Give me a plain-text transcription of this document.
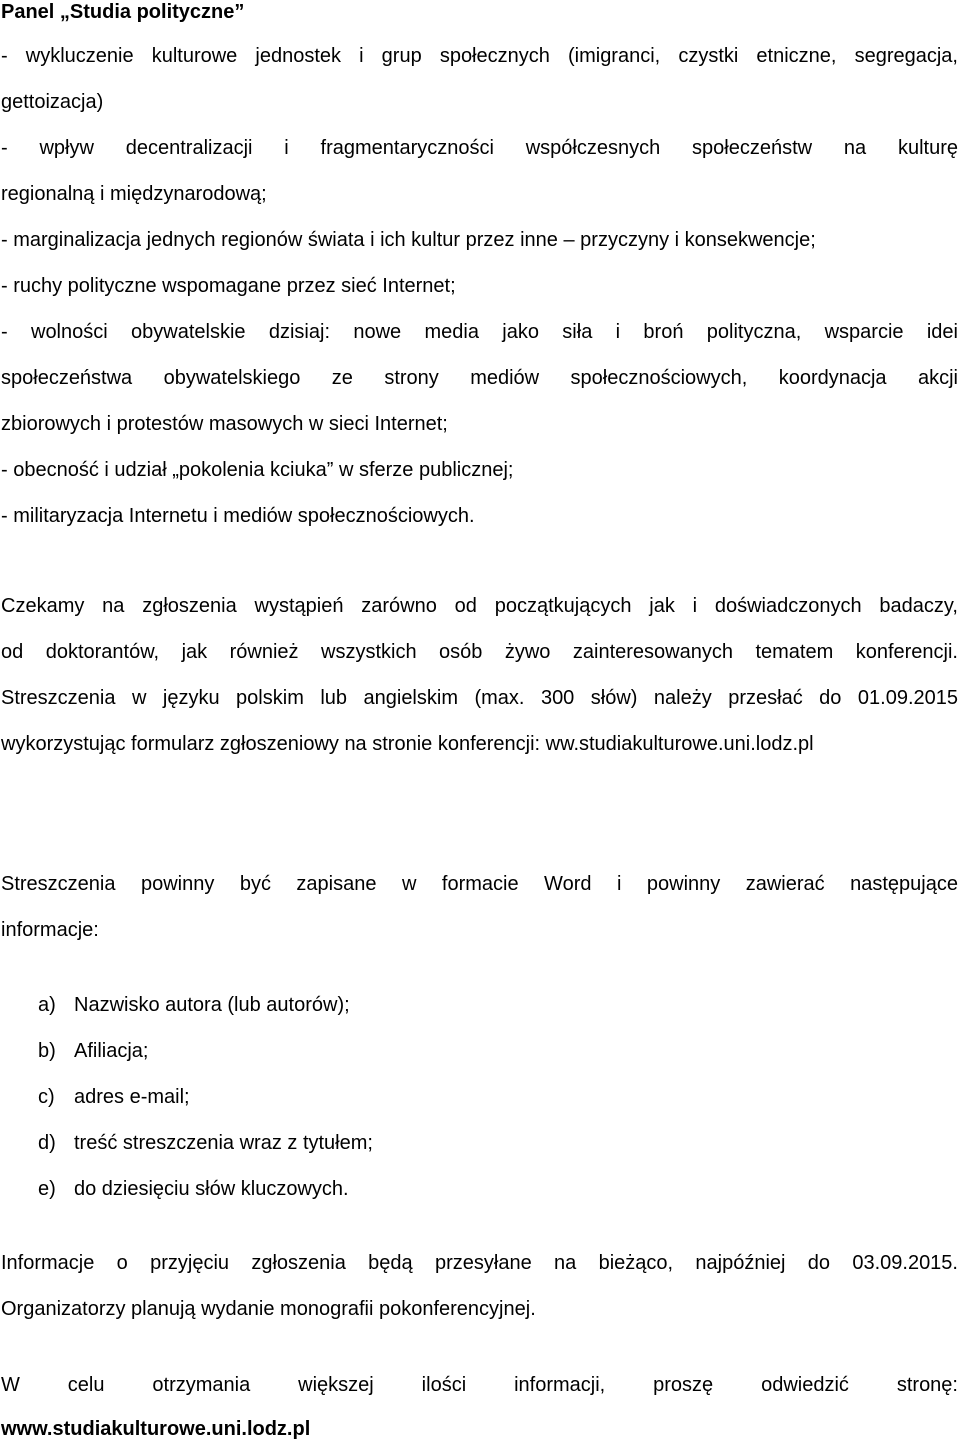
Panel „Studia polityczne”
- wykluczenie kulturowe jednostek i grup społecznych (imigranci, czystki etniczne, segregacja,
gettoizacja)
- wpływ decentralizacji i fragmentaryczności współczesnych społeczeństw na kulturę
regionalną i międzynarodową;
- marginalizacja jednych regionów świata i ich kultur przez inne – przyczyny i konsekwencje;
- ruchy polityczne wspomagane przez sieć Internet;
- wolności obywatelskie dzisiaj: nowe media jako siła i broń polityczna, wsparcie idei
społeczeństwa obywatelskiego ze strony mediów społecznościowych, koordynacja akcji
zbiorowych i protestów masowych w sieci Internet;
- obecność i udział „pokolenia kciuka” w sferze publicznej;
- militaryzacja Internetu i mediów społecznościowych.
Czekamy na zgłoszenia wystąpień zarówno od początkujących jak i doświadczonych badaczy,
od doktorantów, jak również wszystkich osób żywo zainteresowanych tematem konferencji.
Streszczenia w języku polskim lub angielskim (max. 300 słów) należy przesłać do 01.09.2015
wykorzystując formularz zgłoszeniowy na stronie konferencji: ww.studiakulturowe.uni.lodz.pl
Streszczenia powinny być zapisane w formacie Word i powinny zawierać następujące
informacje:
a) Nazwisko autora (lub autorów);
b) Afiliacja;
c) adres e-mail;
d) treść streszczenia wraz z tytułem;
e) do dziesięciu słów kluczowych.
Informacje o przyjęciu zgłoszenia będą przesyłane na bieżąco, najpóźniej do 03.09.2015.
Organizatorzy planują wydanie monografii pokonferencyjnej.
W celu otrzymania większej ilości informacji, proszę odwiedzić stronę:
www.studiakulturowe.uni.lodz.pl
